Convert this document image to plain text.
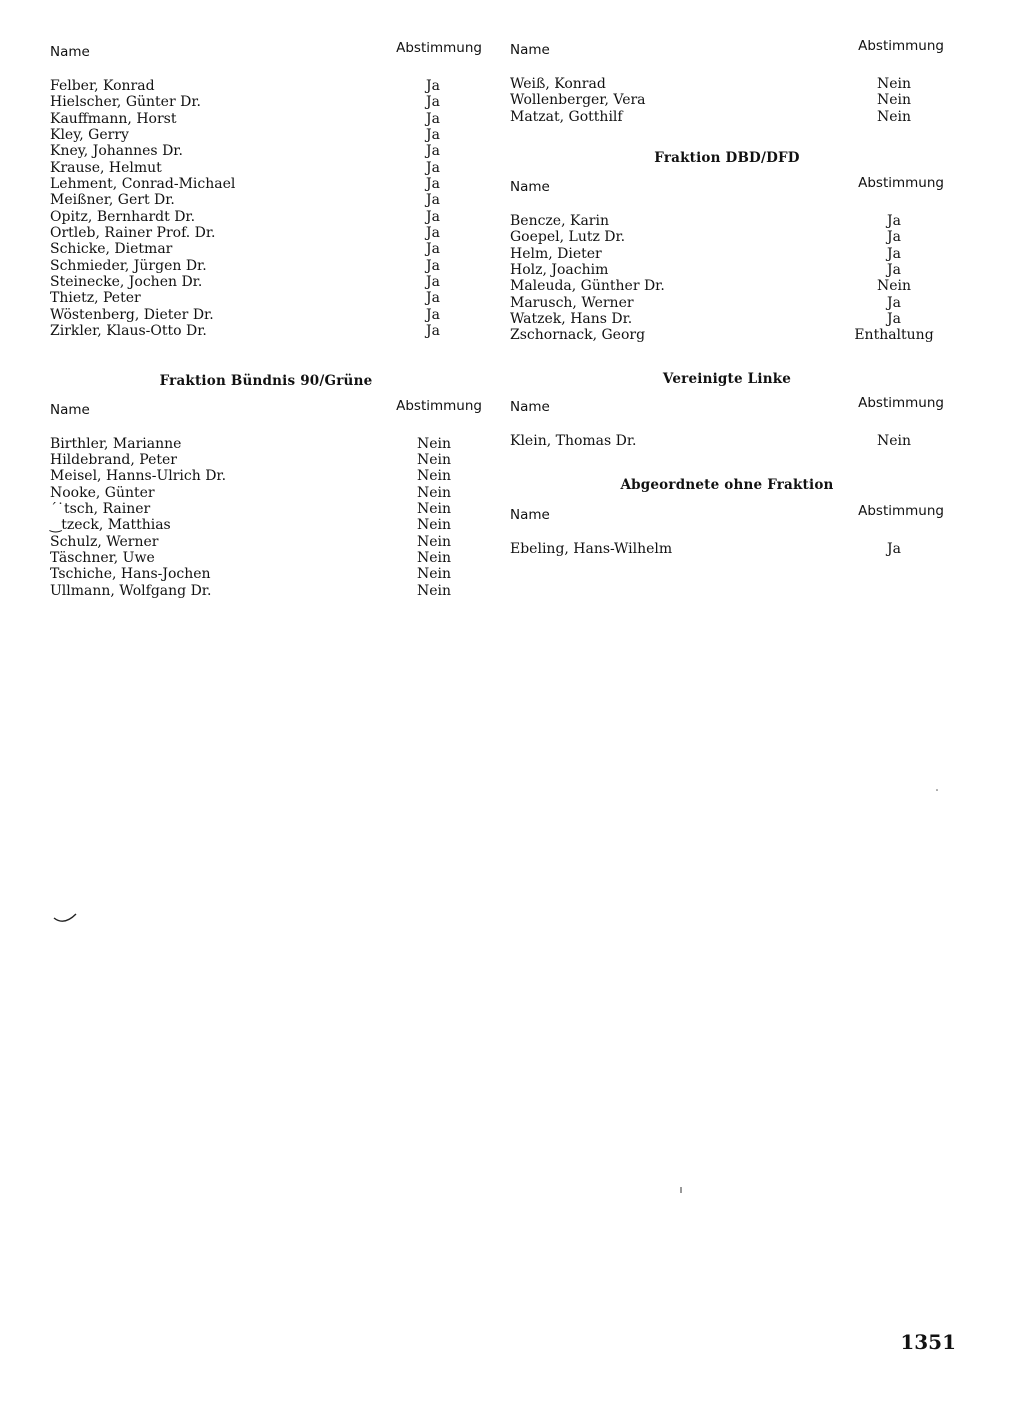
Name	Abstimmung
Felber, Konrad	Ja
Hielscher, Günter Dr.	Ja
Kauffmann, Horst	Ja
Kley, Gerry	Ja
Kney, Johannes Dr.	Ja
Krause, Helmut	Ja
Lehment, Conrad-Michael	Ja
Meißner, Gert Dr.	Ja
Opitz, Bernhardt Dr.	Ja
Ortleb, Rainer Prof. Dr.	Ja
Schicke, Dietmar	Ja
Schmieder, Jürgen Dr.	Ja
Steinecke, Jochen Dr.	Ja
Thietz, Peter	Ja
Wöstenberg, Dieter Dr.	Ja
Zirkler, Klaus-Otto Dr.	Ja
Fraktion Bündnis 90/Grüne
Name	Abstimmung
Birthler, Marianne	Nein
Hildebrand, Peter	Nein
Meisel, Hanns-Ulrich Dr.	Nein
Nooke, Günter	Nein
´˙tsch, Rainer	Nein
‿tzeck, Matthias	Nein
Schulz, Werner	Nein
Täschner, Uwe	Nein
Tschiche, Hans-Jochen	Nein
Ullmann, Wolfgang Dr.	Nein
Name	Abstimmung
Weiß, Konrad	Nein
Wollenberger, Vera	Nein
Matzat, Gotthilf	Nein
Fraktion DBD/DFD
Name	Abstimmung
Bencze, Karin	Ja
Goepel, Lutz Dr.	Ja
Helm, Dieter	Ja
Holz, Joachim	Ja
Maleuda, Günther Dr.	Nein
Marusch, Werner	Ja
Watzek, Hans Dr.	Ja
Zschornack, Georg	Enthaltung
Vereinigte Linke
Name	Abstimmung
Klein, Thomas Dr.	Nein
Abgeordnete ohne Fraktion
Name	Abstimmung
Ebeling, Hans-Wilhelm	Ja
1351
